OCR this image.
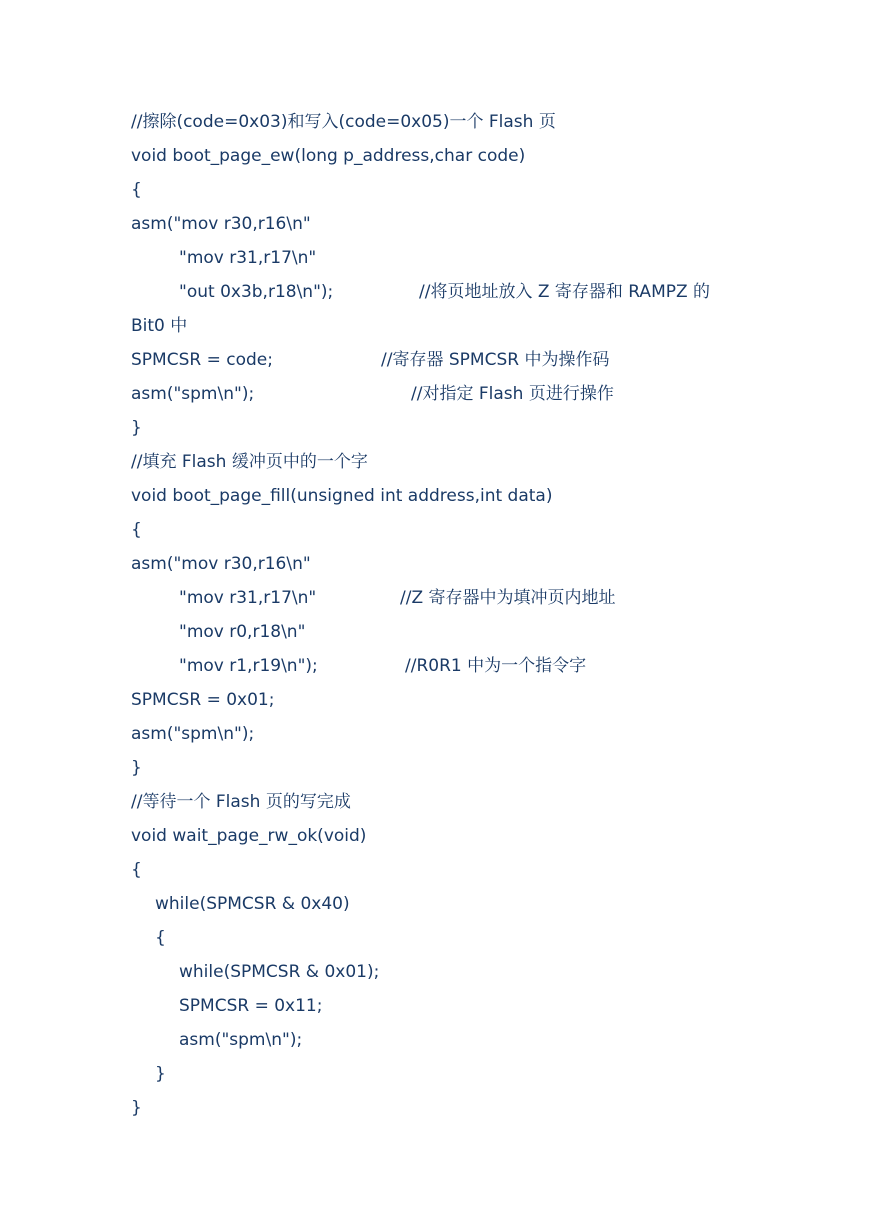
//擦除(code=0x03)和写入(code=0x05)一个 Flash 页
void boot_page_ew(long p_address,char code)
{
asm("mov r30,r16\n"
"mov r31,r17\n"
"out 0x3b,r18\n");	//将页地址放入 Z 寄存器和 RAMPZ 的
Bit0 中
SPMCSR = code;	//寄存器 SPMCSR 中为操作码
asm("spm\n");	//对指定 Flash 页进行操作
}
//填充 Flash 缓冲页中的一个字
void boot_page_fill(unsigned int address,int data)
{
asm("mov r30,r16\n"
"mov r31,r17\n"	//Z 寄存器中为填冲页内地址
"mov r0,r18\n"
"mov r1,r19\n");	//R0R1 中为一个指令字
SPMCSR = 0x01;
asm("spm\n");
}
//等待一个 Flash 页的写完成
void wait_page_rw_ok(void)
{
while(SPMCSR & 0x40)
{
while(SPMCSR & 0x01);
SPMCSR = 0x11;
asm("spm\n");
}
}
